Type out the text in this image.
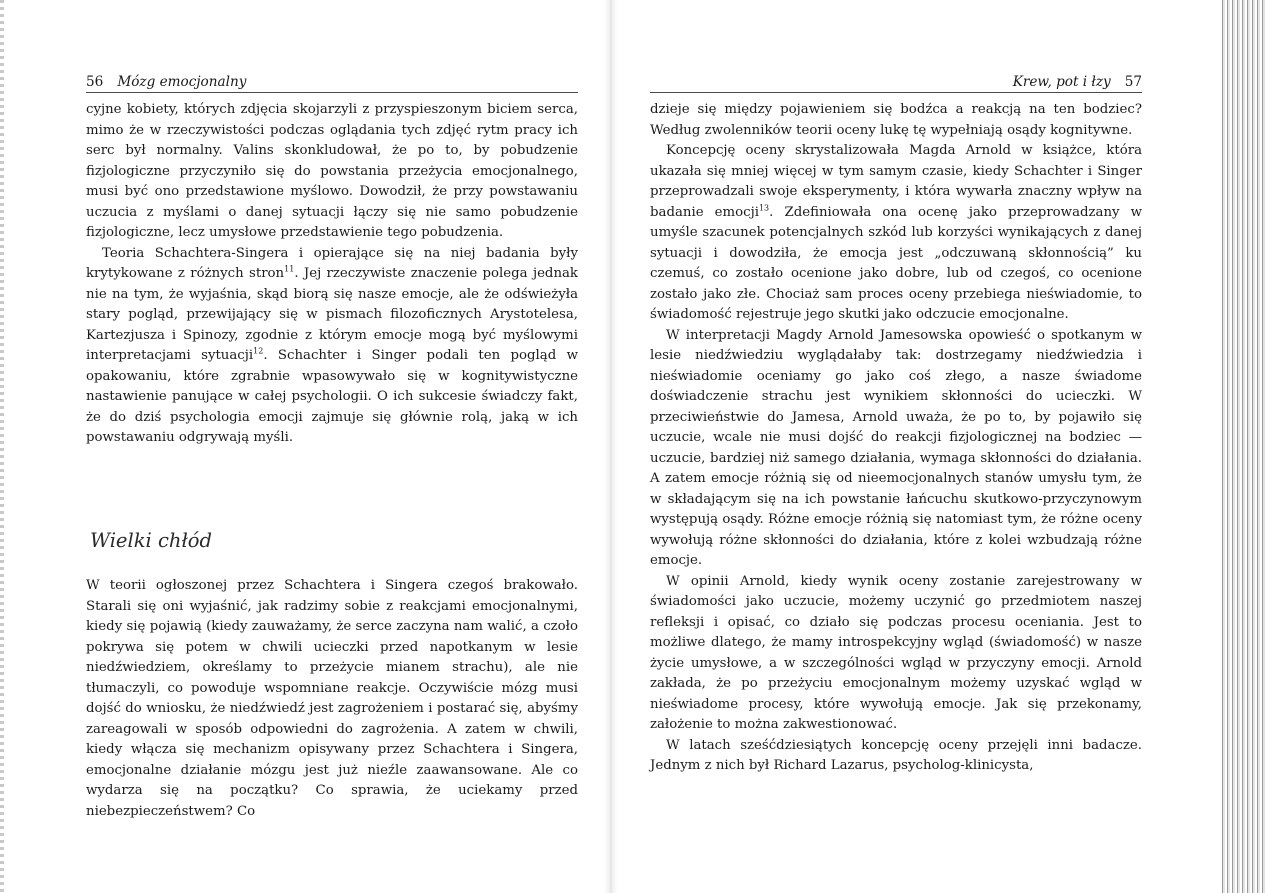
56 Mózg emocjonalny

cyjne kobiety, których zdjęcia skojarzyli z przyspieszonym biciem serca, mimo że w rzeczywistości podczas oglądania tych zdjęć rytm pracy ich serc był normalny. Valins skonkludował, że po to, by pobudzenie fizjologiczne przyczyniło się do powstania przeżycia emocjonalnego, musi być ono przedstawione myślowo. Dowodził, że przy powstawaniu uczucia z myślami o danej sytuacji łączy się nie samo pobudzenie fizjologiczne, lecz umysłowe przedstawienie tego pobudzenia.

Teoria Schachtera-Singera i opierające się na niej badania były krytykowane z różnych stron$^{11}$. Jej rzeczywiste znaczenie polega jednak nie na tym, że wyjaśnia, skąd biorą się nasze emocje, ale że odświeżyła stary pogląd, przewijający się w pismach filozoficznych Arystotelesa, Kartezjusza i Spinozy, zgodnie z którym emocje mogą być myślowymi interpretacjami sytuacji$^{12}$. Schachter i Singer podali ten pogląd w opakowaniu, które zgrabnie wpasowywało się w kognitywistyczne nastawienie panujące w całej psychologii. O ich sukcesie świadczy fakt, że do dziś psychologia emocji zajmuje się głównie rolą, jaką w ich powstawaniu odgrywają myśli.

Wielki chłód

W teorii ogłoszonej przez Schachtera i Singera czegoś brakowało. Starali się oni wyjaśnić, jak radzimy sobie z reakcjami emocjonalnymi, kiedy się pojawią (kiedy zauważamy, że serce zaczyna nam walić, a czoło pokrywa się potem w chwili ucieczki przed napotkanym w lesie niedźwiedziem, określamy to przeżycie mianem strachu), ale nie tłumaczyli, co powoduje wspomniane reakcje. Oczywiście mózg musi dojść do wniosku, że niedźwiedź jest zagrożeniem i postarać się, abyśmy zareagowali w sposób odpowiedni do zagrożenia. A zatem w chwili, kiedy włącza się mechanizm opisywany przez Schachtera i Singera, emocjonalne działanie mózgu jest już nieźle zaawansowane. Ale co wydarza się na początku? Co sprawia, że uciekamy przed niebezpieczeństwem? Co

Krew, pot i łzy 57

dzieje się między pojawieniem się bodźca a reakcją na ten bodziec? Według zwolenników teorii oceny lukę tę wypełniają osądy kognitywne.

Koncepcję oceny skrystalizowała Magda Arnold w książce, która ukazała się mniej więcej w tym samym czasie, kiedy Schachter i Singer przeprowadzali swoje eksperymenty, i która wywarła znaczny wpływ na badanie emocji$^{13}$. Zdefiniowała ona ocenę jako przeprowadzany w umyśle szacunek potencjalnych szkód lub korzyści wynikających z danej sytuacji i dowodziła, że emocja jest „odczuwaną skłonnością” ku czemuś, co zostało ocenione jako dobre, lub od czegoś, co ocenione zostało jako złe. Chociaż sam proces oceny przebiega nieświadomie, to świadomość rejestruje jego skutki jako odczucie emocjonalne.

W interpretacji Magdy Arnold Jamesowska opowieść o spotkanym w lesie niedźwiedziu wyglądałaby tak: dostrzegamy niedźwiedzia i nieświadomie oceniamy go jako coś złego, a nasze świadome doświadczenie strachu jest wynikiem skłonności do ucieczki. W przeciwieństwie do Jamesa, Arnold uważa, że po to, by pojawiło się uczucie, wcale nie musi dojść do reakcji fizjologicznej na bodziec — uczucie, bardziej niż samego działania, wymaga skłonności do działania. A zatem emocje różnią się od nieemocjonalnych stanów umysłu tym, że w składającym się na ich powstanie łańcuchu skutkowo-przyczynowym występują osądy. Różne emocje różnią się natomiast tym, że różne oceny wywołują różne skłonności do działania, które z kolei wzbudzają różne emocje.

W opinii Arnold, kiedy wynik oceny zostanie zarejestrowany w świadomości jako uczucie, możemy uczynić go przedmiotem naszej refleksji i opisać, co działo się podczas procesu oceniania. Jest to możliwe dlatego, że mamy introspekcyjny wgląd (świadomość) w nasze życie umysłowe, a w szczególności wgląd w przyczyny emocji. Arnold zakłada, że po przeżyciu emocjonalnym możemy uzyskać wgląd w nieświadome procesy, które wywołują emocje. Jak się przekonamy, założenie to można zakwestionować.

W latach sześćdziesiątych koncepcję oceny przejęli inni badacze. Jednym z nich był Richard Lazarus, psycholog-klinicysta,
